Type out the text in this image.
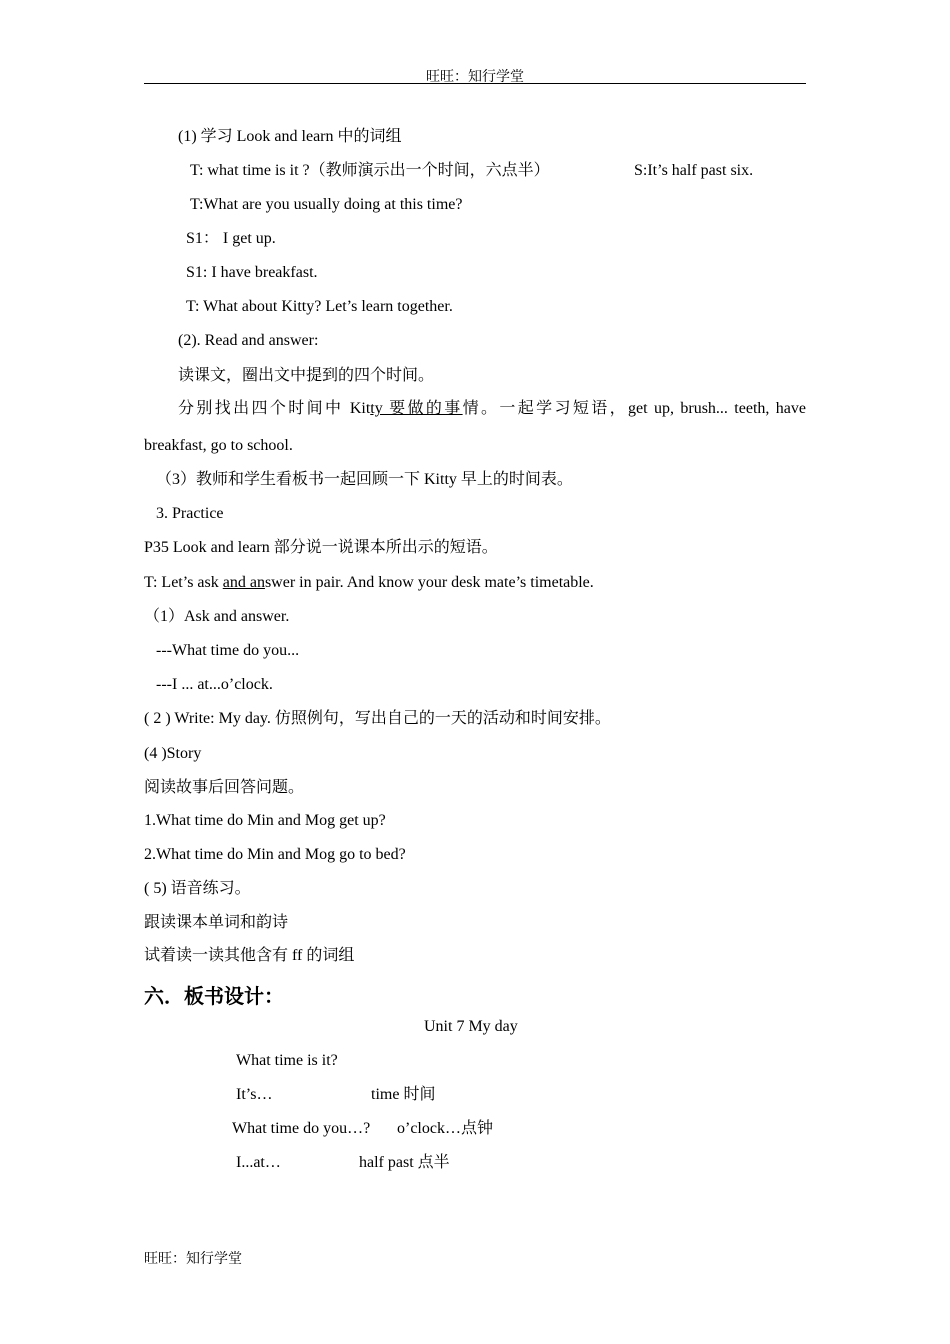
旺旺：知行学堂
(1) 学习 Look and learn 中的词组
T: what time is it ?（教师演示出一个时间，六点半）	S:It’s half past six.
T:What are you usually doing at this time?
S1： I get up.
S1: I have breakfast.
T: What about Kitty? Let’s learn together.
(2). Read and answer:
读课文，圈出文中提到的四个时间。
分别找出四个时间中 Kitty 要做的事情。一起学习短语，get up, brush... teeth, have
breakfast, go to school.
（3）教师和学生看板书一起回顾一下 Kitty 早上的时间表。
3. Practice
P35 Look and learn 部分说一说课本所出示的短语。
T: Let’s ask and answer in pair. And know your desk mate’s timetable.
（1）Ask and answer.
---What time do you...
---I ... at...o’clock.
( 2 ) Write: My day. 仿照例句，写出自己的一天的活动和时间安排。
(4 )Story
阅读故事后回答问题。
1.What time do Min and Mog get up?
2.What time do Min and Mog go to bed?
( 5) 语音练习。
跟读课本单词和韵诗
试着读一读其他含有 ff 的词组
六．板书设计：
Unit 7 My day
What time is it?
It’s…	time 时间
What time do you…? o’clock…点钟
I...at…	half past 点半
旺旺：知行学堂
